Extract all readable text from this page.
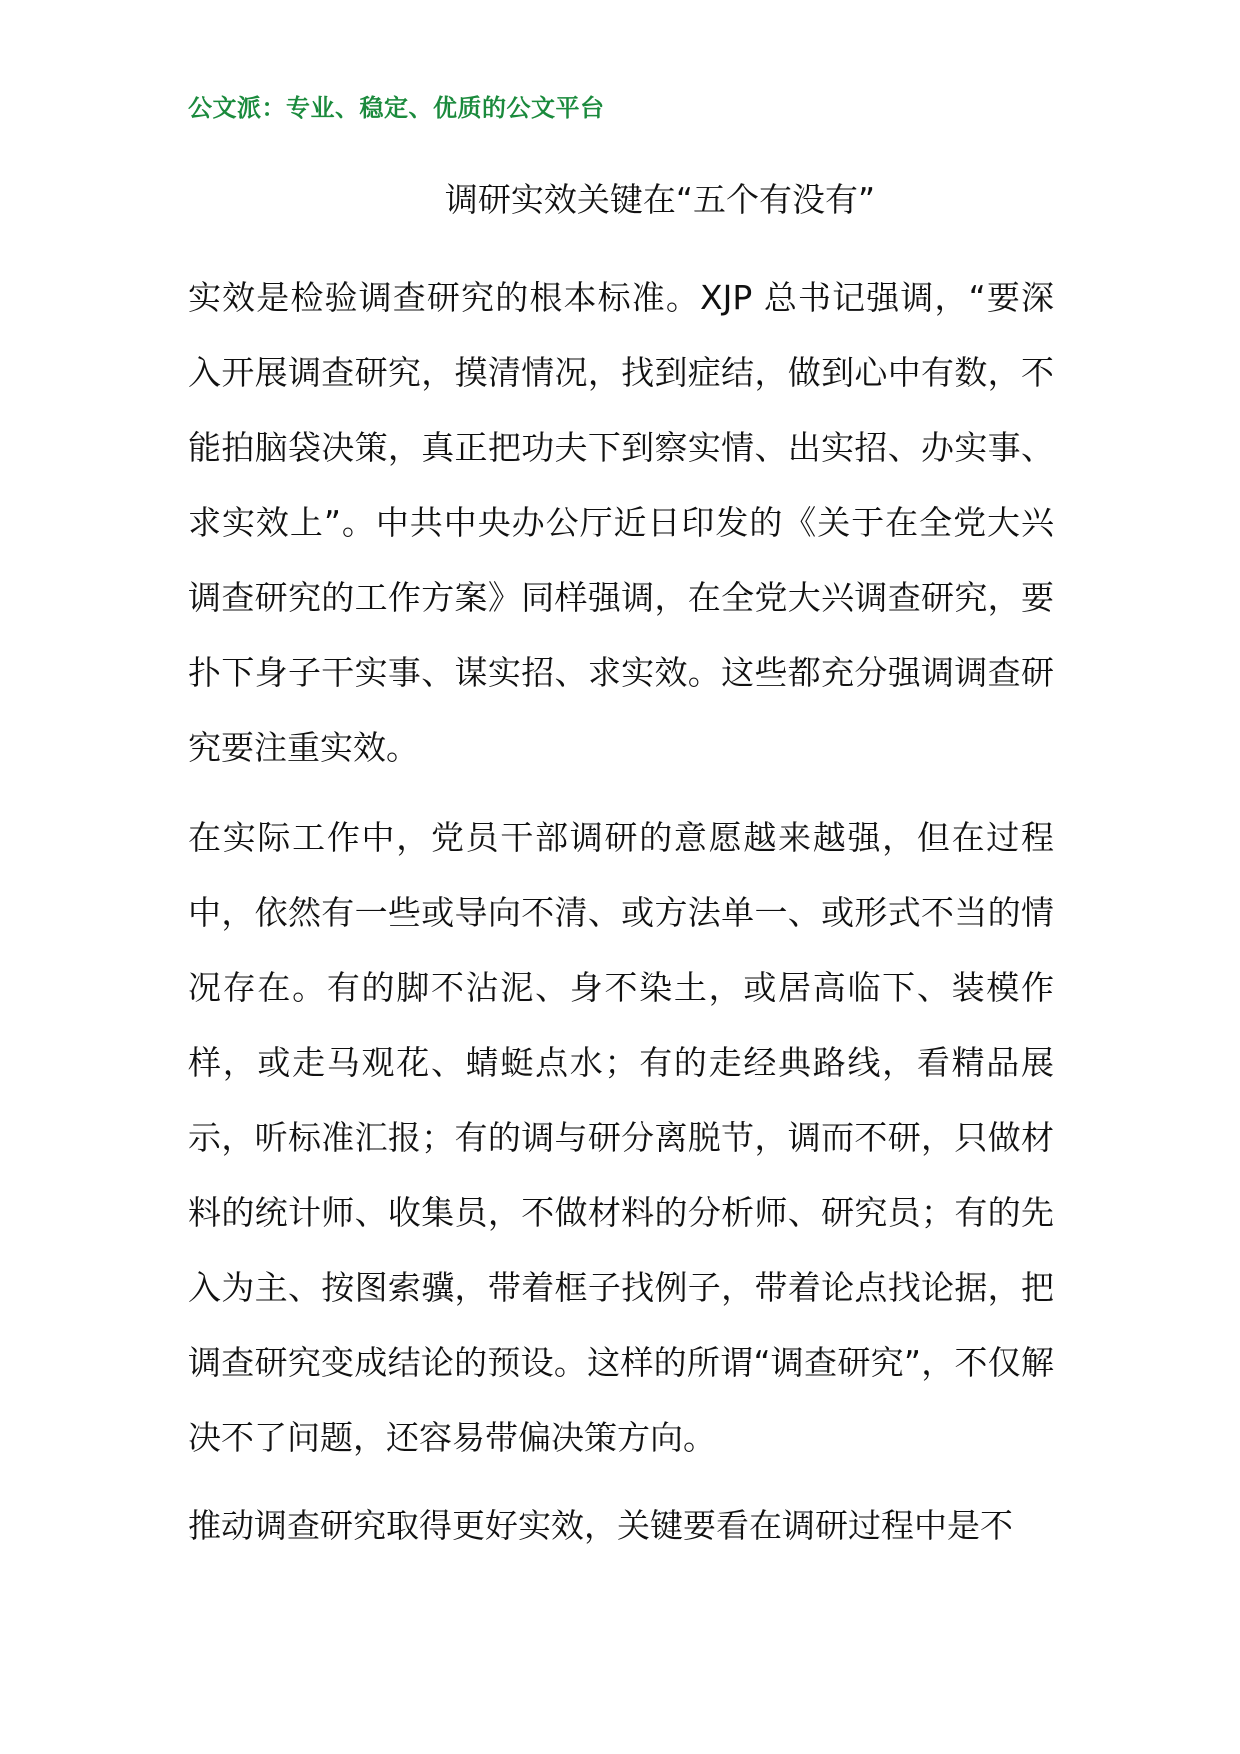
公文派：专业、稳定、优质的公文平台
调研实效关键在“五个有没有”

实效是检验调查研究的根本标准。XJP 总书记强调，“要深入开展调查研究，摸清情况，找到症结，做到心中有数，不能拍脑袋决策，真正把功夫下到察实情、出实招、办实事、求实效上”。中共中央办公厅近日印发的《关于在全党大兴调查研究的工作方案》同样强调，在全党大兴调查研究，要扑下身子干实事、谋实招、求实效。这些都充分强调调查研究要注重实效。

在实际工作中，党员干部调研的意愿越来越强，但在过程中，依然有一些或导向不清、或方法单一、或形式不当的情况存在。有的脚不沾泥、身不染土，或居高临下、装模作样，或走马观花、蜻蜓点水；有的走经典路线，看精品展示，听标准汇报；有的调与研分离脱节，调而不研，只做材料的统计师、收集员，不做材料的分析师、研究员；有的先入为主、按图索骥，带着框子找例子，带着论点找论据，把调查研究变成结论的预设。这样的所谓“调查研究”，不仅解决不了问题，还容易带偏决策方向。

推动调查研究取得更好实效，关键要看在调研过程中是不
